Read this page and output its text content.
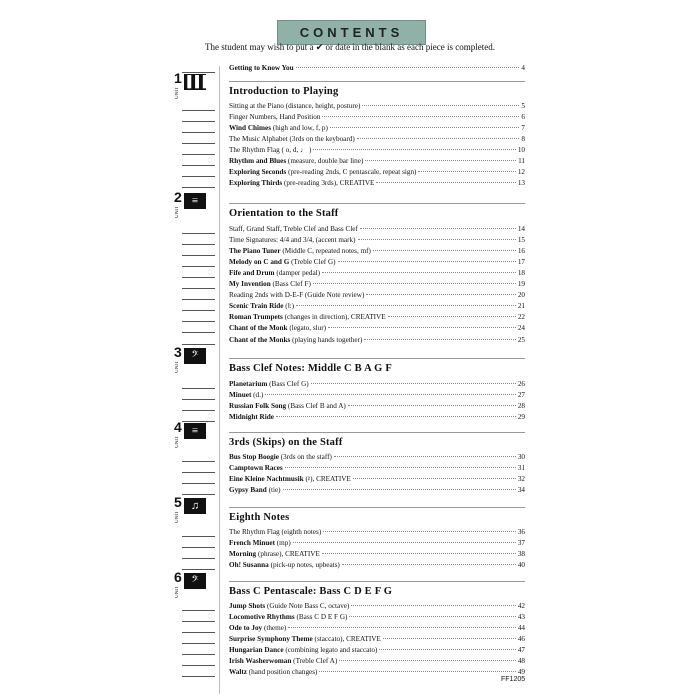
CONTENTS
The student may wish to put a ✔ or date in the blank as each piece is completed.
1
UNIT
▐▐▐
2
UNIT
≡
3
UNIT
𝄢
4
UNIT
≡
5
UNIT
♫
6
UNIT
𝄢
Getting to Know You	4
Introduction to Playing
Sitting at the Piano (distance, height, posture)	5
Finger Numbers, Hand Position	6
Wind Chimes (high and low, f, p)	7
The Music Alphabet (3rds on the keyboard)	8
The Rhythm Flag ( o, d, ♩ )	10
Rhythm and Blues (measure, double bar line)	11
Exploring Seconds (pre-reading 2nds, C pentascale, repeat sign)	12
Exploring Thirds (pre-reading 3rds), CREATIVE	13
Orientation to the Staff
Staff, Grand Staff, Treble Clef and Bass Clef	14
Time Signatures: 4/4 and 3/4, (accent mark)	15
The Piano Tuner (Middle C, repeated notes, mf)	16
Melody on C and G (Treble Clef G)	17
Fife and Drum (damper pedal)	18
My Invention (Bass Clef F)	19
Reading 2nds with D-E-F (Guide Note review)	20
Scenic Train Ride (‖:)	21
Roman Trumpets (changes in direction), CREATIVE	22
Chant of the Monk (legato, slur)	24
Chant of the Monks (playing hands together)	25
Bass Clef Notes: Middle C B A G F
Planetarium (Bass Clef G)	26
Minuet (d.)	27
Russian Folk Song (Bass Clef B and A)	28
Midnight Ride	29
3rds (Skips) on the Staff
Bus Stop Boogie (3rds on the staff)	30
Camptown Races	31
Eine Kleine Nachtmusik (𝄽), CREATIVE	32
Gypsy Band (tie)	34
Eighth Notes
The Rhythm Flag (eighth notes)	36
French Minuet (mp)	37
Morning (phrase), CREATIVE	38
Oh! Susanna (pick-up notes, upbeats)	40
Bass C Pentascale: Bass C D E F G
Jump Shots (Guide Note Bass C, octave)	42
Locomotive Rhythms (Bass C D E F G)	43
Ode to Joy (theme)	44
Surprise Symphony Theme (staccato), CREATIVE	46
Hungarian Dance (combining legato and staccato)	47
Irish Washerwoman (Treble Clef A)	48
Waltz (hand position changes)	49
FF1205
